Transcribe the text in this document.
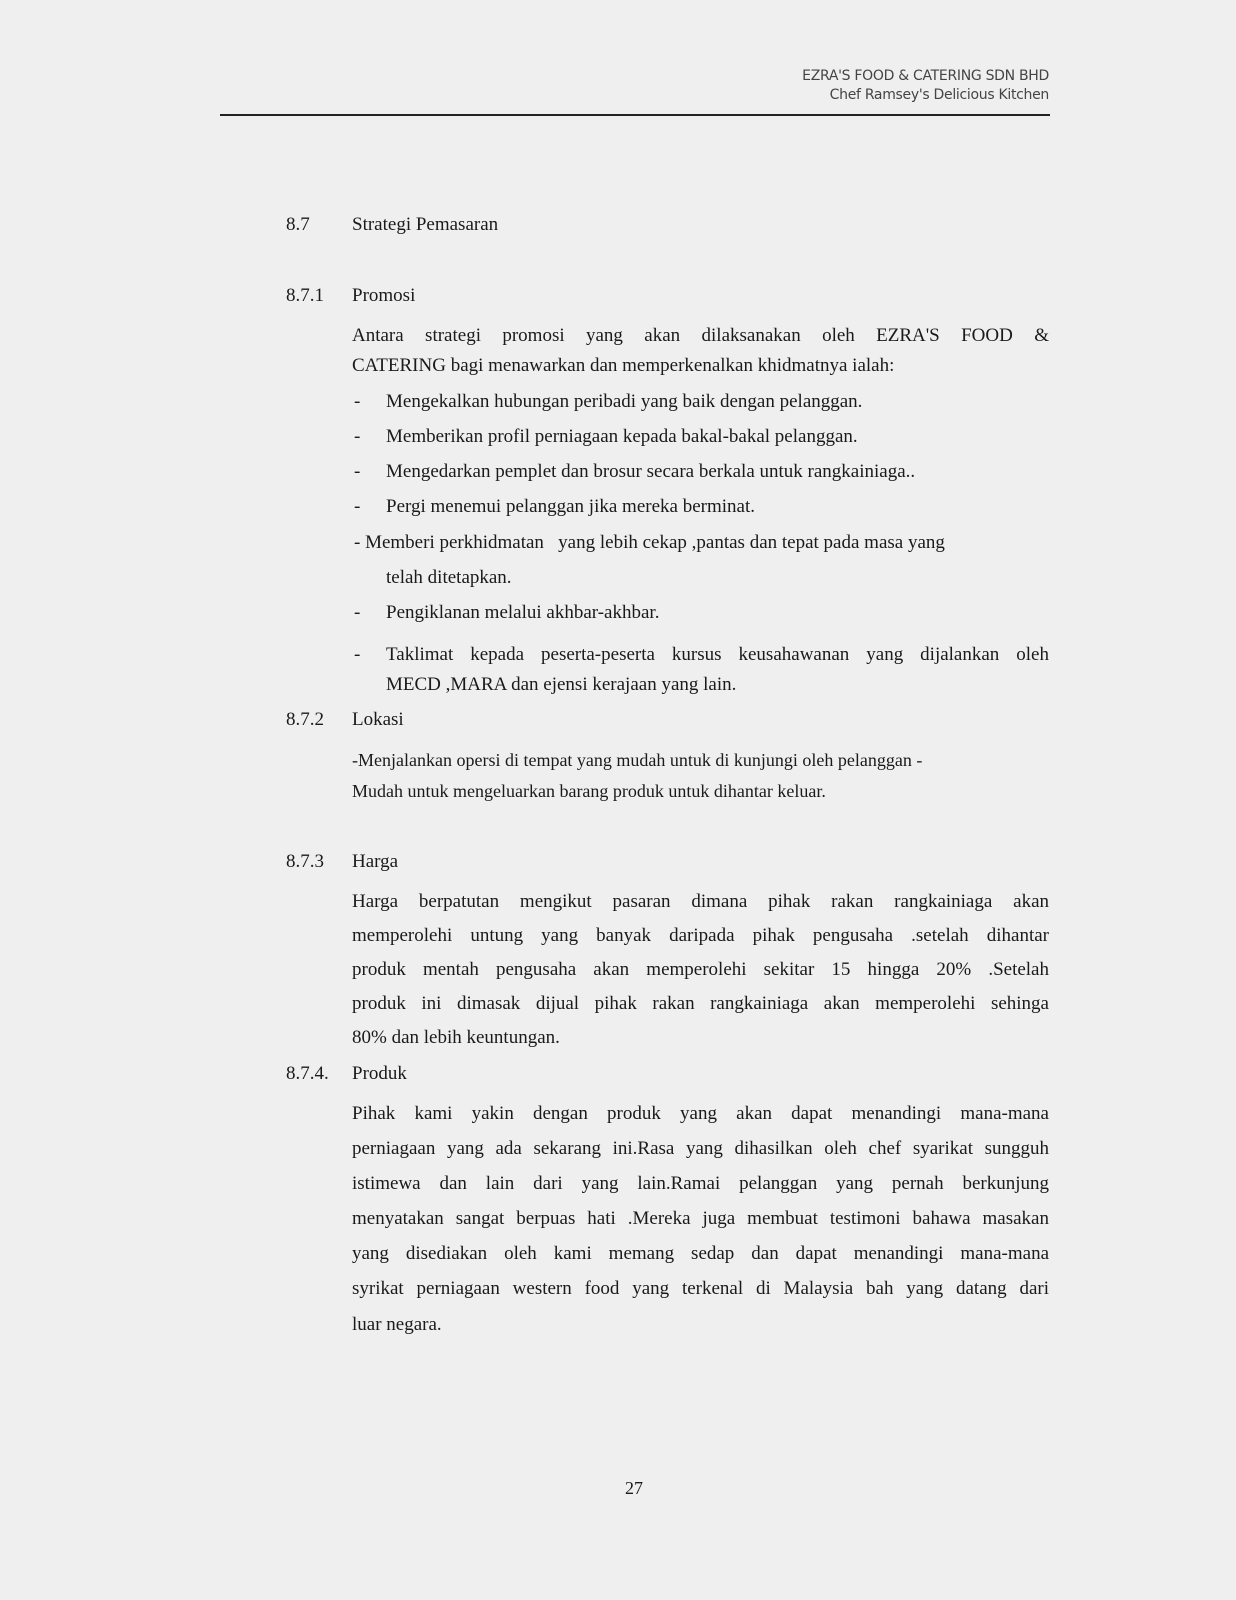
EZRA'S FOOD & CATERING SDN BHD
Chef Ramsey's Delicious Kitchen
8.7 Strategi Pemasaran
8.7.1 Promosi
Antara strategi promosi yang akan dilaksanakan oleh EZRA'S FOOD &
CATERING bagi menawarkan dan memperkenalkan khidmatnya ialah:
- Mengekalkan hubungan peribadi yang baik dengan pelanggan.
- Memberikan profil perniagaan kepada bakal-bakal pelanggan.
- Mengedarkan pemplet dan brosur secara berkala untuk rangkainiaga..
- Pergi menemui pelanggan jika mereka berminat.
- Memberi perkhidmatan   yang lebih cekap ,pantas dan tepat pada masa yang
telah ditetapkan.
- Pengiklanan melalui akhbar-akhbar.
- Taklimat kepada peserta-peserta kursus keusahawanan yang dijalankan oleh
MECD ,MARA dan ejensi kerajaan yang lain.
8.7.2 Lokasi
-Menjalankan opersi di tempat yang mudah untuk di kunjungi oleh pelanggan -
Mudah untuk mengeluarkan barang produk untuk dihantar keluar.
8.7.3 Harga
Harga berpatutan mengikut pasaran dimana pihak rakan rangkainiaga akan
memperolehi untung yang banyak daripada pihak pengusaha .setelah dihantar
produk mentah pengusaha akan memperolehi sekitar 15 hingga 20% .Setelah
produk ini dimasak dijual pihak rakan rangkainiaga akan memperolehi sehinga
80% dan lebih keuntungan.
8.7.4. Produk
Pihak kami yakin dengan produk yang akan dapat menandingi mana-mana
perniagaan yang ada sekarang ini.Rasa yang dihasilkan oleh chef syarikat sungguh
istimewa dan lain dari yang lain.Ramai pelanggan yang pernah berkunjung
menyatakan sangat berpuas hati .Mereka juga membuat testimoni bahawa masakan
yang disediakan oleh kami memang sedap dan dapat menandingi mana-mana
syrikat perniagaan western food yang terkenal di Malaysia bah yang datang dari
luar negara.
27
